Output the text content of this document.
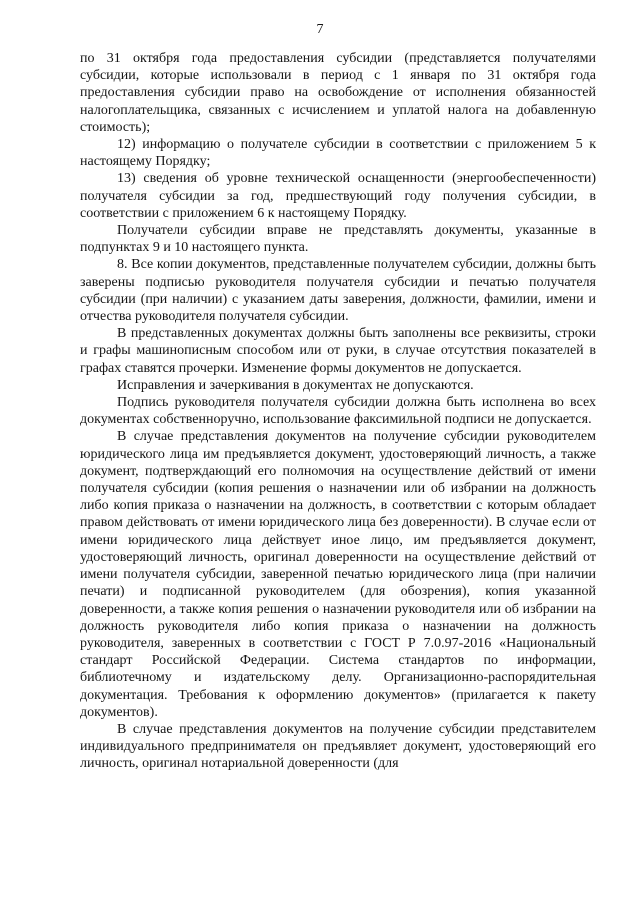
7

по 31 октября года предоставления субсидии (представляется получателями субсидии, которые использовали в период с 1 января по 31 октября года предоставления субсидии право на освобождение от исполнения обязанностей налогоплательщика, связанных с исчислением и уплатой налога на добавленную стоимость);

12) информацию о получателе субсидии в соответствии с приложением 5 к настоящему Порядку;

13) сведения об уровне технической оснащенности (энергообеспеченности) получателя субсидии за год, предшествующий году получения субсидии, в соответствии с приложением 6 к настоящему Порядку.

Получатели субсидии вправе не представлять документы, указанные в подпунктах 9 и 10 настоящего пункта.

8. Все копии документов, представленные получателем субсидии, должны быть заверены подписью руководителя получателя субсидии и печатью получателя субсидии (при наличии) с указанием даты заверения, должности, фамилии, имени и отчества руководителя получателя субсидии.

В представленных документах должны быть заполнены все реквизиты, строки и графы машинописным способом или от руки, в случае отсутствия показателей в графах ставятся прочерки. Изменение формы документов не допускается.

Исправления и зачеркивания в документах не допускаются.

Подпись руководителя получателя субсидии должна быть исполнена во всех документах собственноручно, использование факсимильной подписи не допускается.

В случае представления документов на получение субсидии руководителем юридического лица им предъявляется документ, удостоверяющий личность, а также документ, подтверждающий его полномочия на осуществление действий от имени получателя субсидии (копия решения о назначении или об избрании на должность либо копия приказа о назначении на должность, в соответствии с которым обладает правом действовать от имени юридического лица без доверенности). В случае если от имени юридического лица действует иное лицо, им предъявляется документ, удостоверяющий личность, оригинал доверенности на осуществление действий от имени получателя субсидии, заверенной печатью юридического лица (при наличии печати) и подписанной руководителем (для обозрения), копия указанной доверенности, а также копия решения о назначении руководителя или об избрании на должность руководителя либо копия приказа о назначении на должность руководителя, заверенных в соответствии с ГОСТ Р 7.0.97-2016 «Национальный стандарт Российской Федерации. Система стандартов по информации, библиотечному и издательскому делу. Организационно-распорядительная документация. Требования к оформлению документов» (прилагается к пакету документов).

В случае представления документов на получение субсидии представителем индивидуального предпринимателя он предъявляет документ, удостоверяющий его личность, оригинал нотариальной доверенности (для
